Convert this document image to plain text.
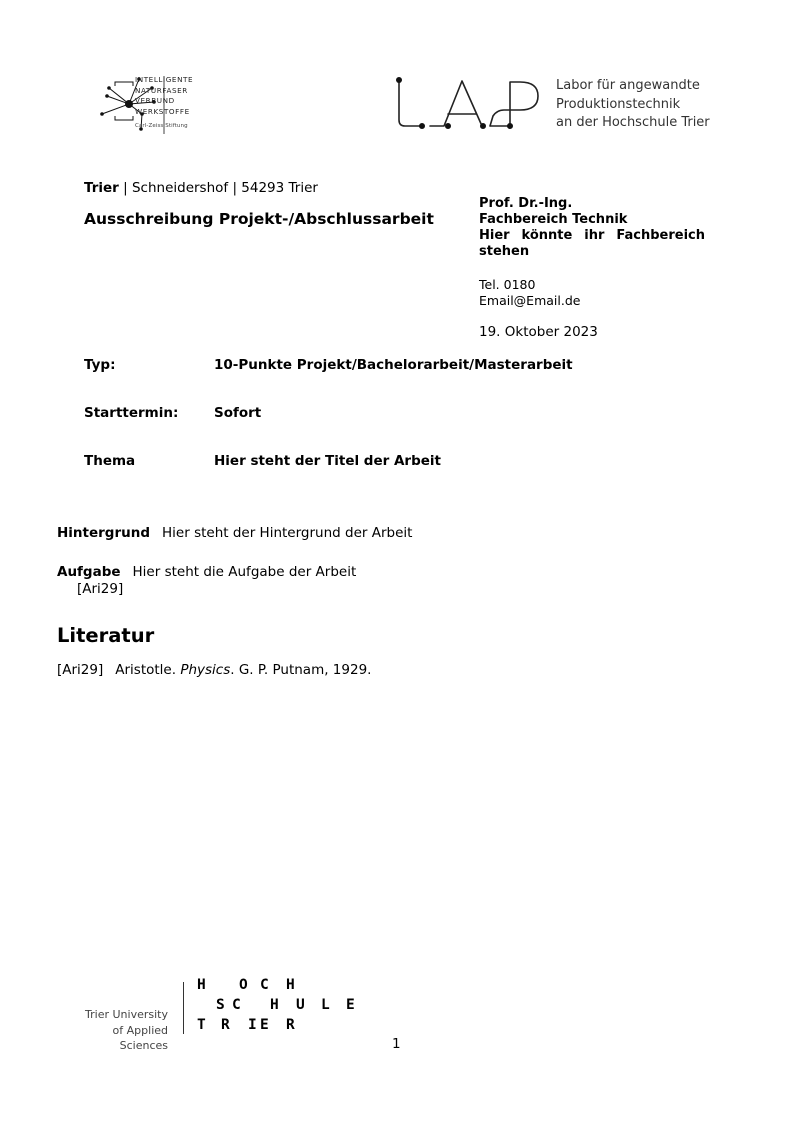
INTELLIGENTE
NATURFASER
VERBUND
WERKSTOFFE
Carl-Zeiss Stiftung
Labor für angewandte
Produktionstechnik
an der Hochschule Trier
Trier | Schneidershof | 54293 Trier
Ausschreibung Projekt-/Abschlussarbeit
Prof. Dr.-Ing.
Fachbereich Technik
Hier könnte ihr Fachbereich stehen
Tel. 0180
Email@Email.de
19. Oktober 2023
Typ:	10-Punkte Projekt/Bachelorarbeit/Masterarbeit
Starttermin:	Sofort
Thema	Hier steht der Titel der Arbeit
Hintergrund Hier steht der Hintergrund der Arbeit
Aufgabe Hier steht die Aufgabe der Arbeit
[Ari29]
Literatur
[Ari29] Aristotle. Physics. G. P. Putnam, 1929.
Trier University
of Applied Sciences
H O C H
S C H U L E
T R I E R
1
